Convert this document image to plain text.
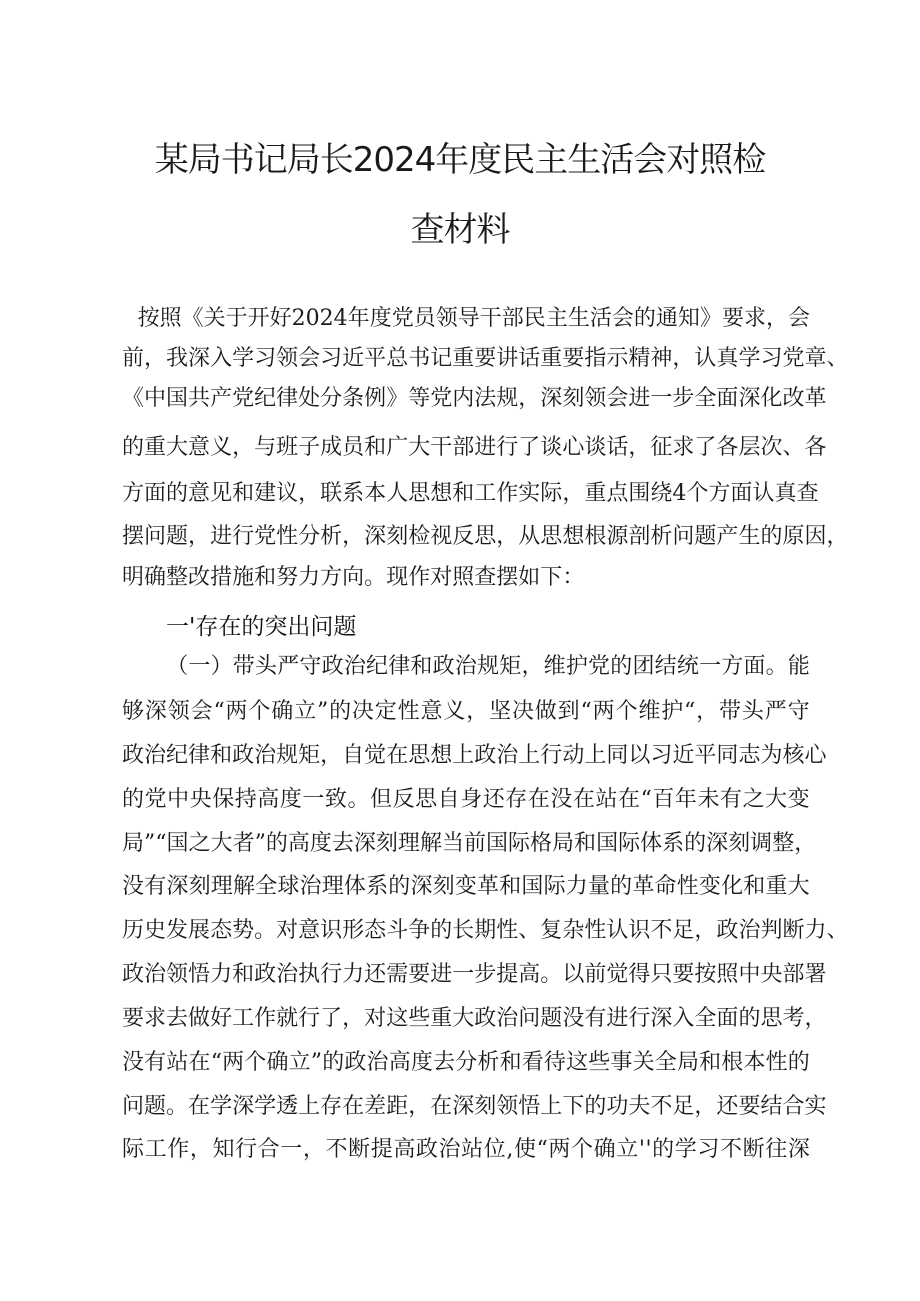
某局书记局长2024年度民主生活会对照检
查材料
按 照 《 关 于 开 好 2024 年 度 党 员 领 导 干 部 民 主 生 活 会 的 通 知 》 要 求 ， 会
前 ， 我 深 入 学 习 领 会 习 近 平 总 书 记 重 要 讲 话 重 要 指 示 精 神 ， 认 真 学 习 党 章 、
《 中 国 共 产 党 纪 律 处 分 条 例 》 等 党 内 法 规 ， 深 刻 领 会 进 一 步 全 面 深 化 改 革
的 重 大 意 义 ， 与 班 子 成 员 和 广 大 干 部 进 行 了 谈 心 谈 话 ， 征 求 了 各 层 次 、 各
方 面 的 意 见 和 建 议 ， 联 系 本 人 思 想 和 工 作 实 际 ， 重 点 围 绕 4 个 方 面 认 真 查
摆 问 题 ， 进 行 党 性 分 析 ， 深 刻 检 视 反 思 ， 从 思 想 根 源 剖 析 问 题 产 生 的 原 因 ，
明 确 整 改 措 施 和 努 力 方 向 。 现 作 对 照 查 摆 如 下 ：
一'存在的突出问题
（ 一 ） 带 头 严 守 政 治 纪 律 和 政 治 规 矩 ， 维 护 党 的 团 结 统 一 方 面 。 能
够 深 领 会 “ 两 个 确 立 ” 的 决 定 性 意 义 ， 坚 决 做 到 “ 两 个 维 护 “ ， 带 头 严 守
政 治 纪 律 和 政 治 规 矩 ， 自 觉 在 思 想 上 政 治 上 行 动 上 同 以 习 近 平 同 志 为 核 心
的 党 中 央 保 持 高 度 一 致 。 但 反 思 自 身 还 存 在 没 在 站 在 “ 百 年 未 有 之 大 变
局 ” “ 国 之 大 者 ” 的 高 度 去 深 刻 理 解 当 前 国 际 格 局 和 国 际 体 系 的 深 刻 调 整 ，
没 有 深 刻 理 解 全 球 治 理 体 系 的 深 刻 变 革 和 国 际 力 量 的 革 命 性 变 化 和 重 大
历 史 发 展 态 势 。 对 意 识 形 态 斗 争 的 长 期 性 、 复 杂 性 认 识 不 足 ， 政 治 判 断 力 、
政 治 领 悟 力 和 政 治 执 行 力 还 需 要 进 一 步 提 高 。 以 前 觉 得 只 要 按 照 中 央 部 署
要 求 去 做 好 工 作 就 行 了 ， 对 这 些 重 大 政 治 问 题 没 有 进 行 深 入 全 面 的 思 考 ，
没 有 站 在 “ 两 个 确 立 ” 的 政 治 高 度 去 分 析 和 看 待 这 些 事 关 全 局 和 根 本 性 的
问 题 。 在 学 深 学 透 上 存 在 差 距 ， 在 深 刻 领 悟 上 下 的 功 夫 不 足 ， 还 要 结 合 实
际 工 作 ， 知 行 合 一 ， 不 断 提 高 政 治 站 位 , 使 “ 两 个 确 立 ' ' 的 学 习 不 断 往 深
